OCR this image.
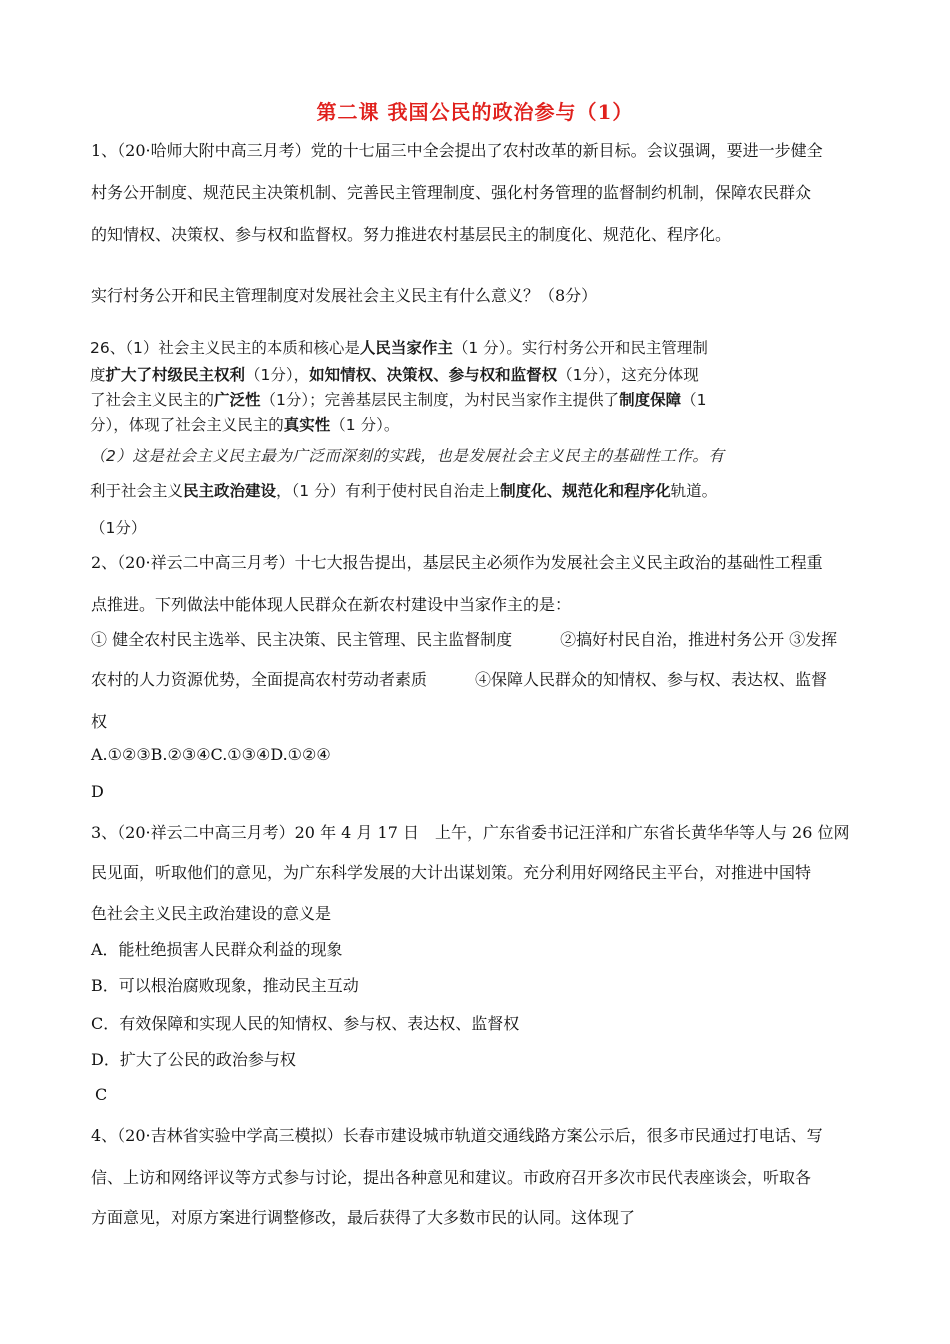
第二课 我国公民的政治参与（1）
1、（20·哈师大附中高三月考）党的十七届三中全会提出了农村改革的新目标。会议强调，要进一步健全
村务公开制度、规范民主决策机制、完善民主管理制度、强化村务管理的监督制约机制，保障农民群众
的知情权、决策权、参与权和监督权。努力推进农村基层民主的制度化、规范化、程序化。
实行村务公开和民主管理制度对发展社会主义民主有什么意义？（8分）
26、（1）社会主义民主的本质和核心是人民当家作主（1 分）。实行村务公开和民主管理制
度扩大了村级民主权利（1分），如知情权、决策权、参与权和监督权（1分），这充分体现
了社会主义民主的广泛性（1分）；完善基层民主制度，为村民当家作主提供了制度保障（1
分），体现了社会主义民主的真实性（1 分）。
（2）这是社会主义民主最为广泛而深刻的实践，也是发展社会主义民主的基础性工作。有
利于社会主义民主政治建设，（1 分）有利于使村民自治走上制度化、规范化和程序化轨道。
（1分）
2、（20·祥云二中高三月考）十七大报告提出，基层民主必须作为发展社会主义民主政治的基础性工程重
点推进。下列做法中能体现人民群众在新农村建设中当家作主的是：
① 健全农村民主选举、民主决策、民主管理、民主监督制度　　　②搞好村民自治，推进村务公开 ③发挥
农村的人力资源优势，全面提高农村劳动者素质　　　④保障人民群众的知情权、参与权、表达权、监督
权
A.①②③B.②③④C.①③④D.①②④
D
3、（20·祥云二中高三月考）20 年 4 月 17 日　上午，广东省委书记汪洋和广东省长黄华华等人与 26 位网
民见面，听取他们的意见，为广东科学发展的大计出谋划策。充分利用好网络民主平台，对推进中国特
色社会主义民主政治建设的意义是
A．能杜绝损害人民群众利益的现象
B．可以根治腐败现象，推动民主互动
C．有效保障和实现人民的知情权、参与权、表达权、监督权
D．扩大了公民的政治参与权
C
4、（20·吉林省实验中学高三模拟）长春市建设城市轨道交通线路方案公示后，很多市民通过打电话、写
信、上访和网络评议等方式参与讨论，提出各种意见和建议。市政府召开多次市民代表座谈会，听取各
方面意见，对原方案进行调整修改，最后获得了大多数市民的认同。这体现了
